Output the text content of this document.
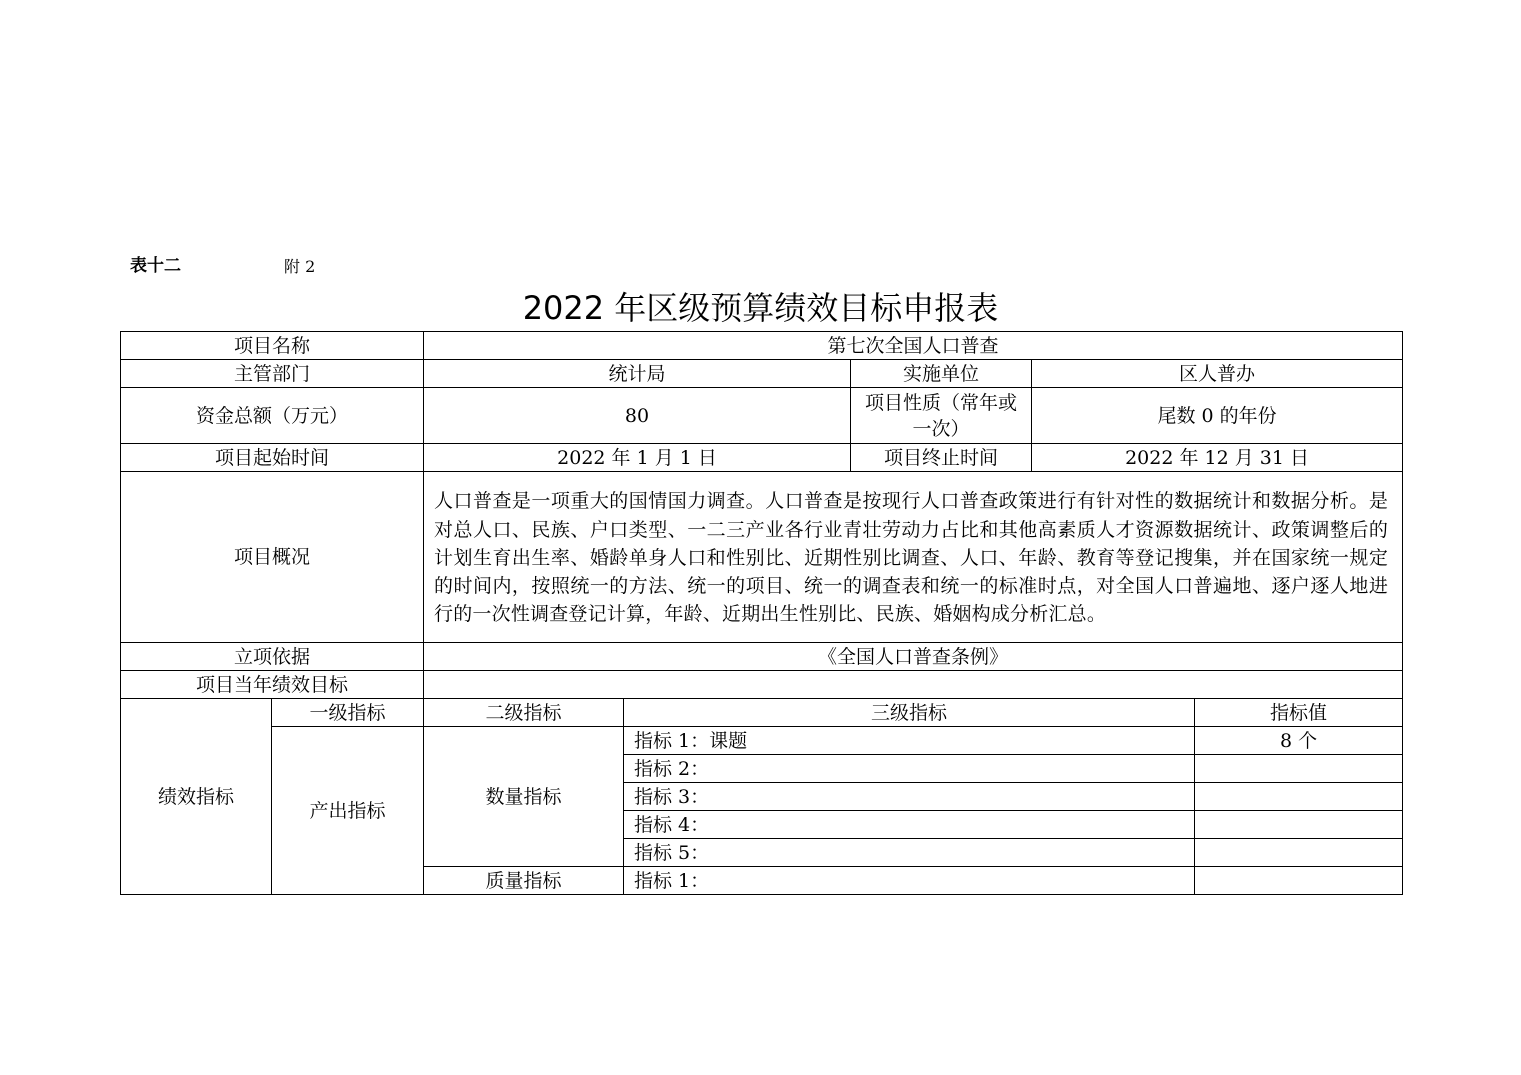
表十二	附 2
2022 年区级预算绩效目标申报表
项目名称		第七次全国人口普查				
主管部门		统计局		实施单位	区人普办	
资金总额（万元）		80		项目性质（常年或一次）	尾数 0 的年份	
项目起始时间		2022 年 1 月 1 日		项目终止时间	2022 年 12 月 31 日	
项目概况		人口普查是一项重大的国情国力调查。人口普查是按现行人口普查政策进行有针对性的数据统计和数据分析。是对总人口、民族、户口类型、一二三产业各行业青壮劳动力占比和其他高素质人才资源数据统计、政策调整后的计划生育出生率、婚龄单身人口和性别比、近期性别比调查、人口、年龄、教育等登记搜集，并在国家统一规定的时间内，按照统一的方法、统一的项目、统一的调查表和统一的标准时点，对全国人口普遍地、逐户逐人地进行的一次性调查登记计算，年龄、近期出生性别比、民族、婚姻构成分析汇总。				
立项依据		《全国人口普查条例》				
项目当年绩效目标						
绩效指标	一级指标	二级指标	三级指标			指标值
	产出指标	数量指标	指标 1：课题			8 个
			指标 2：			
			指标 3：			
			指标 4：			
			指标 5：			
		质量指标	指标 1：			
